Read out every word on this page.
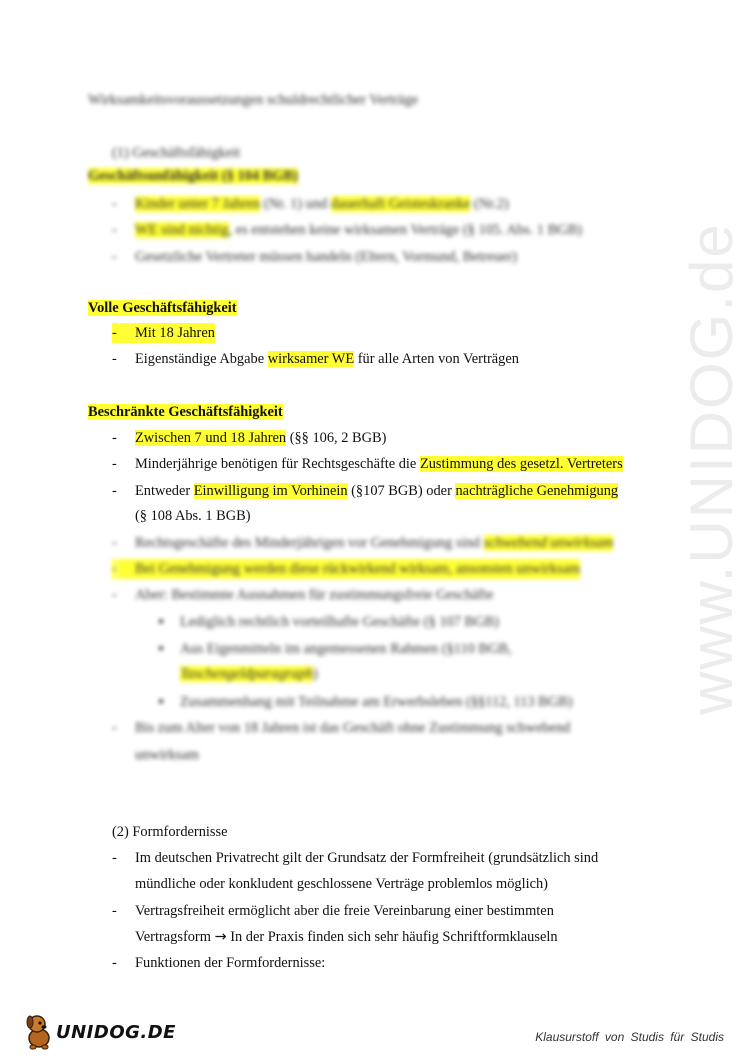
Wirksamkeitsvoraussetzungen schuldrechtlicher Verträge
(1) Geschäftsfähigkeit
Geschäftsunfähigkeit (§ 104 BGB)
- Kinder unter 7 Jahren (Nr. 1) und dauerhaft Geisteskranke (Nr.2)
- WE sind nichtig, es entstehen keine wirksamen Verträge (§ 105. Abs. 1 BGB)
- Gesetzliche Vertreter müssen handeln (Eltern, Vormund, Betreuer)
Volle Geschäftsfähigkeit
-	Mit 18 Jahren
- Eigenständige Abgabe wirksamer WE für alle Arten von Verträgen
Beschränkte Geschäftsfähigkeit
- Zwischen 7 und 18 Jahren (§§ 106, 2 BGB)
- Minderjährige benötigen für Rechtsgeschäfte die Zustimmung des gesetzl. Vertreters
- Entweder Einwilligung im Vorhinein (§107 BGB) oder nachträgliche Genehmigung
(§ 108 Abs. 1 BGB)
- Rechtsgeschäfte des Minderjährigen vor Genehmigung sind schwebend unwirksam
-	Bei Genehmigung werden diese rückwirkend wirksam, ansonsten unwirksam
- Aber: Bestimmte Ausnahmen für zustimmungsfreie Geschäfte
● Lediglich rechtlich vorteilhafte Geschäfte (§ 107 BGB)
● Aus Eigenmitteln im angemessenen Rahmen (§110 BGB,
Taschengeldparagraph)
● Zusammenhang mit Teilnahme am Erwerbsleben (§§112, 113 BGB)
- Bis zum Alter von 18 Jahren ist das Geschäft ohne Zustimmung schwebend
unwirksam
(2) Formfordernisse
- Im deutschen Privatrecht gilt der Grundsatz der Formfreiheit (grundsätzlich sind
mündliche oder konkludent geschlossene Verträge problemlos möglich)
- Vertragsfreiheit ermöglicht aber die freie Vereinbarung einer bestimmten
Vertragsform → In der Praxis finden sich sehr häufig Schriftformklauseln
- Funktionen der Formfordernisse:
www.UNIDOG.de
UNIDOG.DE	Klausurstoff von Studis für Studis
